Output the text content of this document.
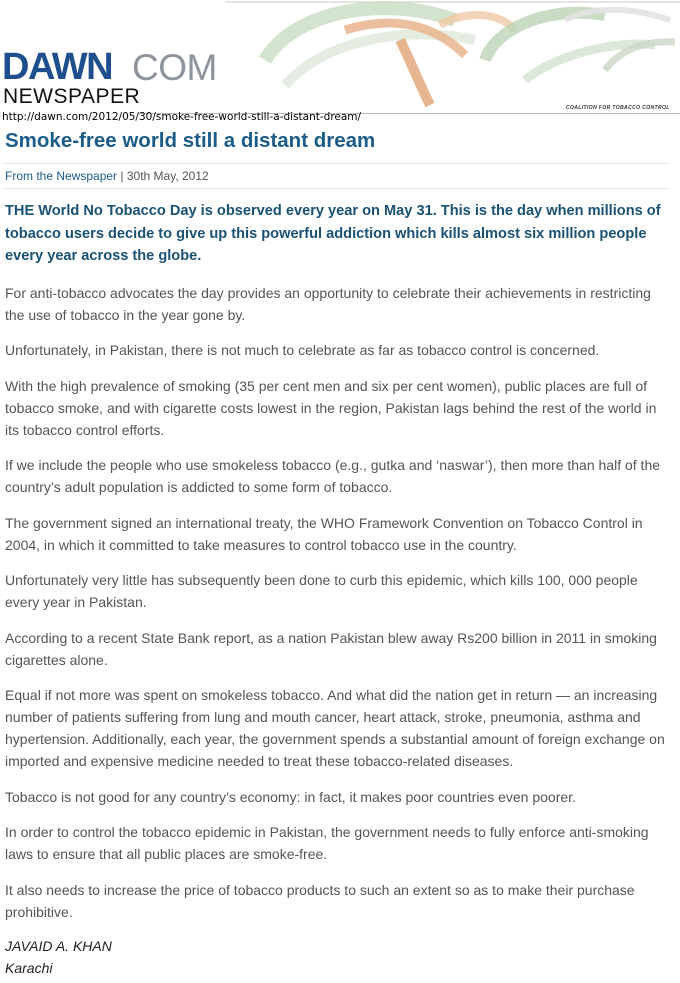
DAWN COM
NEWSPAPER	COALITION FOR TOBACCO CONTROL
http://dawn.com/2012/05/30/smoke-free-world-still-a-distant-dream/
Smoke-free world still a distant dream
From the Newspaper | 30th May, 2012

THE World No Tobacco Day is observed every year on May 31. This is the day when millions of tobacco users decide to give up this powerful addiction which kills almost six million people every year across the globe.

For anti-tobacco advocates the day provides an opportunity to celebrate their achievements in restricting the use of tobacco in the year gone by.

Unfortunately, in Pakistan, there is not much to celebrate as far as tobacco control is concerned.

With the high prevalence of smoking (35 per cent men and six per cent women), public places are full of tobacco smoke, and with cigarette costs lowest in the region, Pakistan lags behind the rest of the world in its tobacco control efforts.

If we include the people who use smokeless tobacco (e.g., gutka and ‘naswar’), then more than half of the country’s adult population is addicted to some form of tobacco.

The government signed an international treaty, the WHO Framework Convention on Tobacco Control in 2004, in which it committed to take measures to control tobacco use in the country.

Unfortunately very little has subsequently been done to curb this epidemic, which kills 100, 000 people every year in Pakistan.

According to a recent State Bank report, as a nation Pakistan blew away Rs200 billion in 2011 in smoking cigarettes alone.

Equal if not more was spent on smokeless tobacco. And what did the nation get in return — an increasing number of patients suffering from lung and mouth cancer, heart attack, stroke, pneumonia, asthma and hypertension. Additionally, each year, the government spends a substantial amount of foreign exchange on imported and expensive medicine needed to treat these tobacco-related diseases.

Tobacco is not good for any country’s economy: in fact, it makes poor countries even poorer.

In order to control the tobacco epidemic in Pakistan, the government needs to fully enforce anti-smoking laws to ensure that all public places are smoke-free.

It also needs to increase the price of tobacco products to such an extent so as to make their purchase prohibitive.

JAVAID A. KHAN

Karachi
